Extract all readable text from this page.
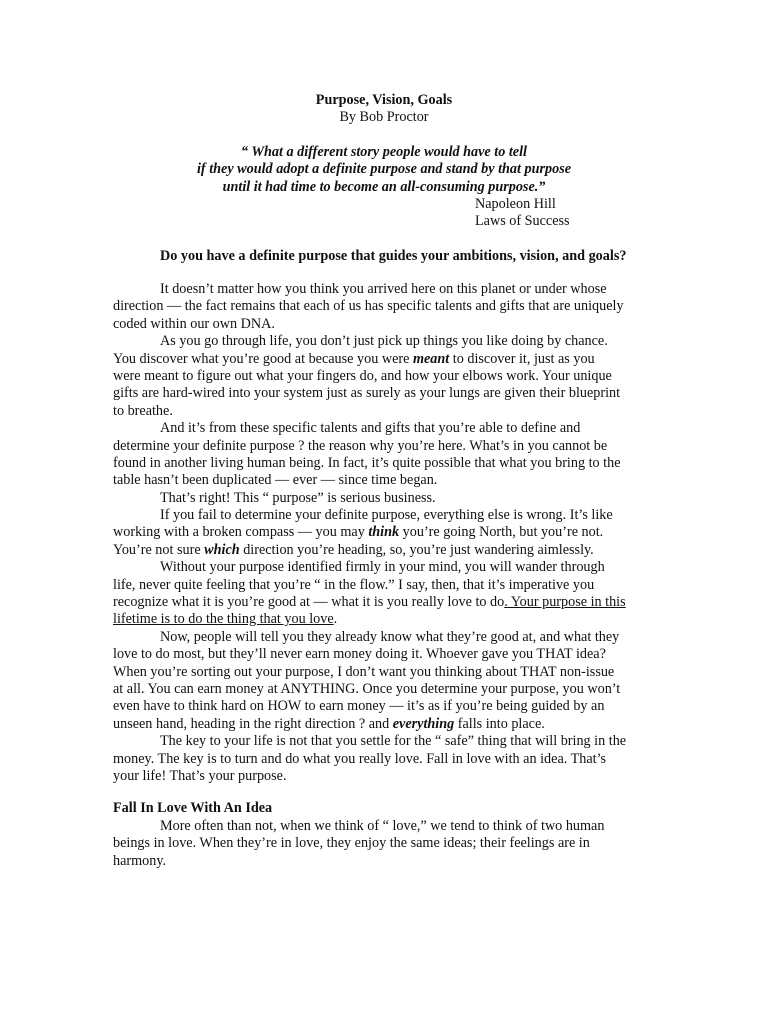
Purpose, Vision, Goals
By Bob Proctor
“ What a different story people would have to tell
if they would adopt a definite purpose and stand by that purpose
until it had time to become an all-consuming purpose.”
Napoleon Hill
Laws of Success
Do you have a definite purpose that guides your ambitions, vision, and goals?
It doesn’t matter how you think you arrived here on this planet or under whose
direction — the fact remains that each of us has specific talents and gifts that are uniquely
coded within our own DNA.
As you go through life, you don’t just pick up things you like doing by chance.
You discover what you’re good at because you were meant to discover it, just as you
were meant to figure out what your fingers do, and how your elbows work. Your unique
gifts are hard-wired into your system just as surely as your lungs are given their blueprint
to breathe.
And it’s from these specific talents and gifts that you’re able to define and
determine your definite purpose ? the reason why you’re here. What’s in you cannot be
found in another living human being. In fact, it’s quite possible that what you bring to the
table hasn’t been duplicated — ever — since time began.
That’s right! This “ purpose” is serious business.
If you fail to determine your definite purpose, everything else is wrong. It’s like
working with a broken compass — you may think you’re going North, but you’re not.
You’re not sure which direction you’re heading, so, you’re just wandering aimlessly.
Without your purpose identified firmly in your mind, you will wander through
life, never quite feeling that you’re “ in the flow.” I say, then, that it’s imperative you
recognize what it is you’re good at — what it is you really love to do. Your purpose in this
lifetime is to do the thing that you love.
Now, people will tell you they already know what they’re good at, and what they
love to do most, but they’ll never earn money doing it. Whoever gave you THAT idea?
When you’re sorting out your purpose, I don’t want you thinking about THAT non-issue
at all. You can earn money at ANYTHING. Once you determine your purpose, you won’t
even have to think hard on HOW to earn money — it’s as if you’re being guided by an
unseen hand, heading in the right direction ? and everything falls into place.
The key to your life is not that you settle for the “ safe” thing that will bring in the
money. The key is to turn and do what you really love. Fall in love with an idea. That’s
your life! That’s your purpose.
Fall In Love With An Idea
More often than not, when we think of “ love,” we tend to think of two human
beings in love. When they’re in love, they enjoy the same ideas; their feelings are in
harmony.
